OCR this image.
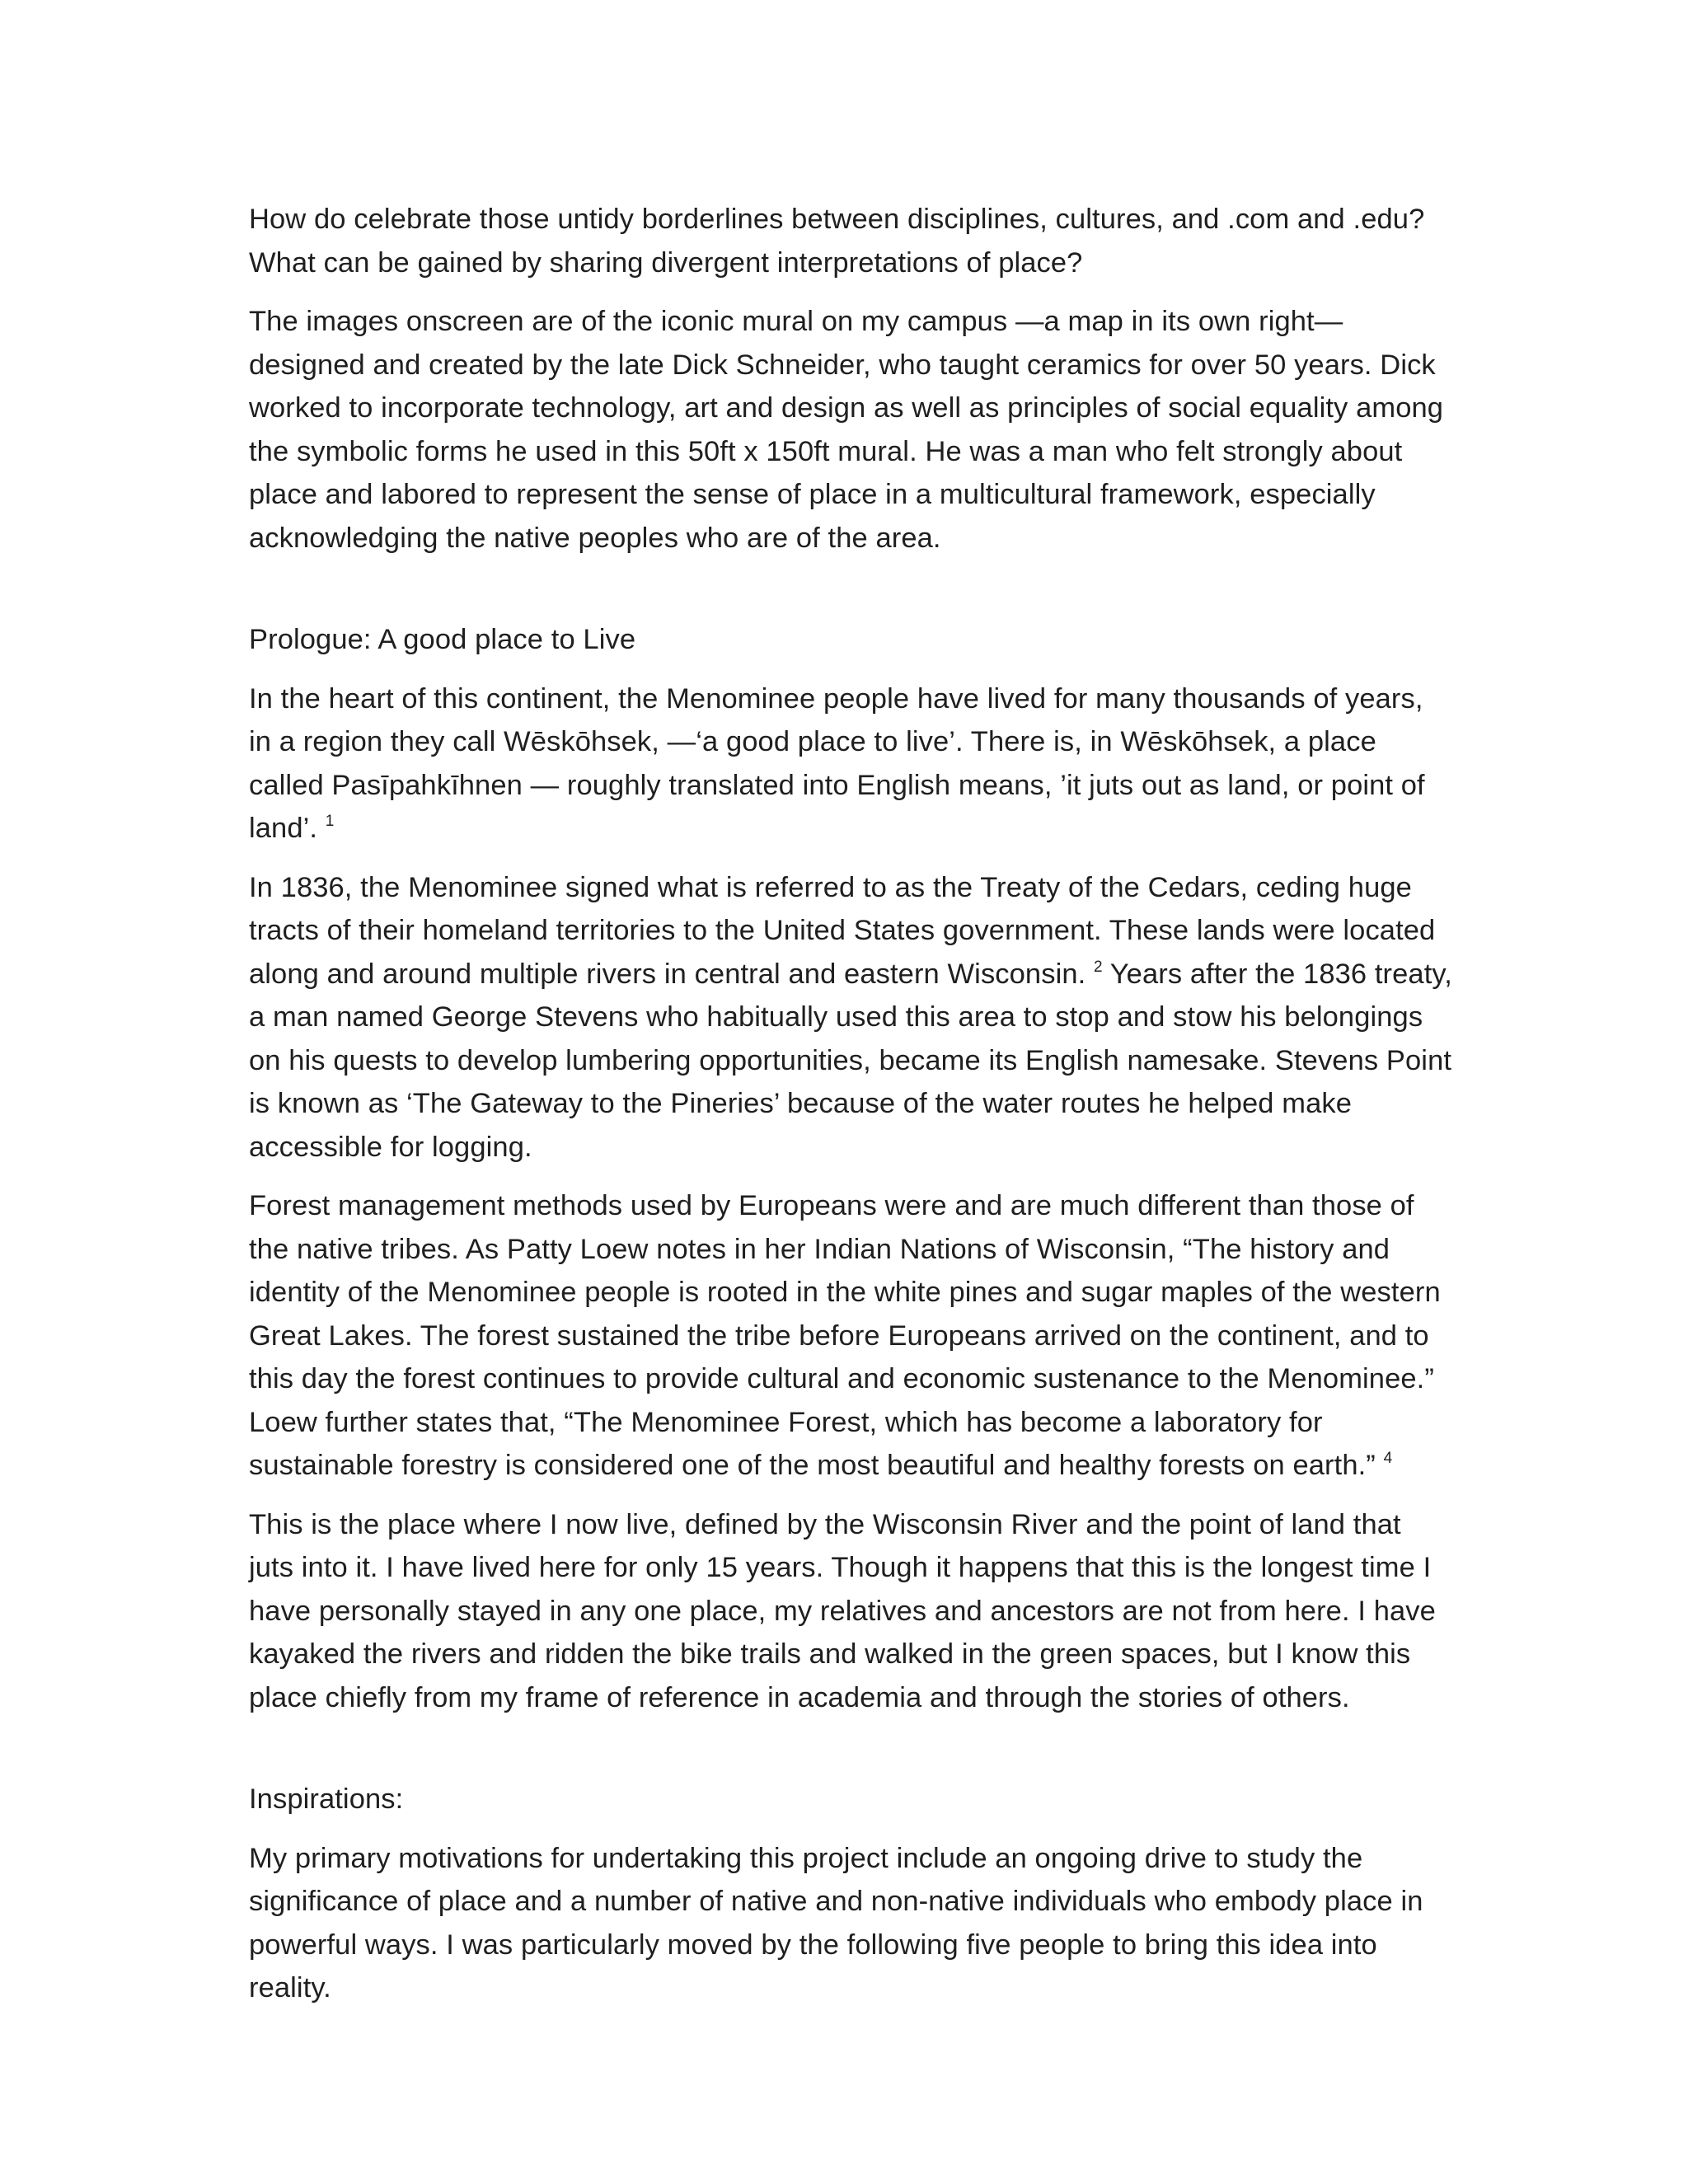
How do celebrate those untidy borderlines between disciplines, cultures, and .com and .edu? What can be gained by sharing divergent interpretations of place?

The images onscreen are of the iconic mural on my campus —a map in its own right— designed and created by the late Dick Schneider, who taught ceramics for over 50 years. Dick worked to incorporate technology, art and design as well as principles of social equality among the symbolic forms he used in this 50ft x 150ft mural. He was a man who felt strongly about place and labored to represent the sense of place in a multicultural framework, especially acknowledging the native peoples who are of the area.

Prologue: A good place to Live

In the heart of this continent, the Menominee people have lived for many thousands of years, in a region they call Wēskōhsek, —‘a good place to live’. There is, in Wēskōhsek, a place called Pasīpahkīhnen — roughly translated into English means, ’it juts out as land, or point of land’. $^1$

In 1836, the Menominee signed what is referred to as the Treaty of the Cedars, ceding huge tracts of their homeland territories to the United States government. These lands were located along and around multiple rivers in central and eastern Wisconsin. $^2$ Years after the 1836 treaty, a man named George Stevens who habitually used this area to stop and stow his belongings on his quests to develop lumbering opportunities, became its English namesake. Stevens Point is known as ‘The Gateway to the Pineries’ because of the water routes he helped make accessible for logging.

Forest management methods used by Europeans were and are much different than those of the native tribes. As Patty Loew notes in her Indian Nations of Wisconsin, “The history and identity of the Menominee people is rooted in the white pines and sugar maples of the western Great Lakes. The forest sustained the tribe before Europeans arrived on the continent, and to this day the forest continues to provide cultural and economic sustenance to the Menominee.” Loew further states that, “The Menominee Forest, which has become a laboratory for sustainable forestry is considered one of the most beautiful and healthy forests on earth.” $^4$

This is the place where I now live, defined by the Wisconsin River and the point of land that juts into it. I have lived here for only 15 years. Though it happens that this is the longest time I have personally stayed in any one place, my relatives and ancestors are not from here. I have kayaked the rivers and ridden the bike trails and walked in the green spaces, but I know this place chiefly from my frame of reference in academia and through the stories of others.

Inspirations:

My primary motivations for undertaking this project include an ongoing drive to study the significance of place and a number of native and non-native individuals who embody place in powerful ways. I was particularly moved by the following five people to bring this idea into reality.
